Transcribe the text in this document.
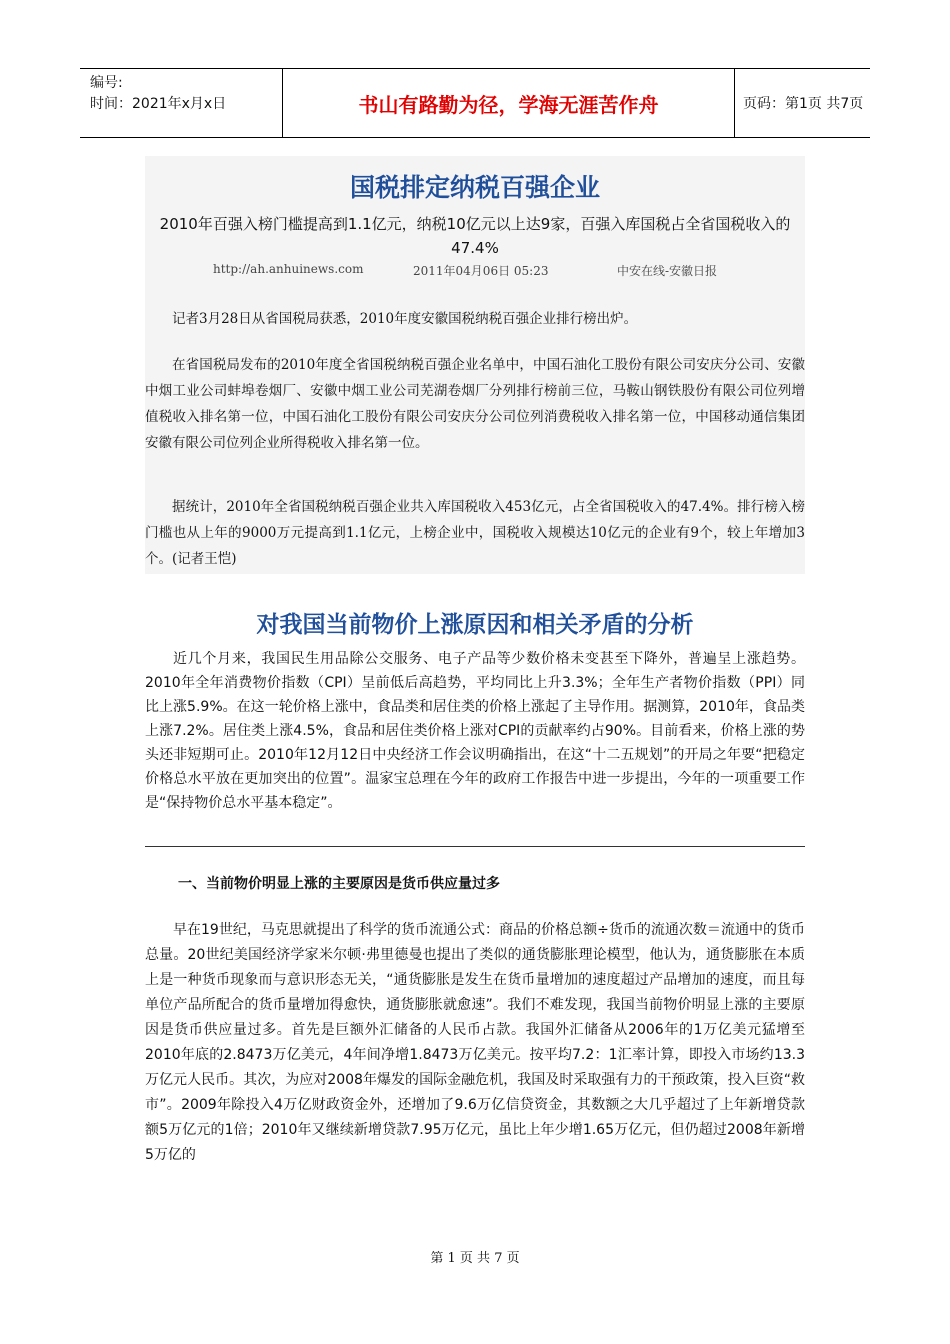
编号:
时间：2021年x月x日	书山有路勤为径，学海无涯苦作舟	页码：第1页 共7页
国税排定纳税百强企业
2010年百强入榜门槛提高到1.1亿元，纳税10亿元以上达9家，百强入库国税占全省国税收入的47.4%
http://ah.anhuinews.com	2011年04月06日 05:23	中安在线-安徽日报

记者3月28日从省国税局获悉，2010年度安徽国税纳税百强企业排行榜出炉。

在省国税局发布的2010年度全省国税纳税百强企业名单中，中国石油化工股份有限公司安庆分公司、安徽中烟工业公司蚌埠卷烟厂、安徽中烟工业公司芜湖卷烟厂分列排行榜前三位，马鞍山钢铁股份有限公司位列增值税收入排名第一位，中国石油化工股份有限公司安庆分公司位列消费税收入排名第一位，中国移动通信集团安徽有限公司位列企业所得税收入排名第一位。

据统计，2010年全省国税纳税百强企业共入库国税收入453亿元，占全省国税收入的47.4%。排行榜入榜门槛也从上年的9000万元提高到1.1亿元，上榜企业中，国税收入规模达10亿元的企业有9个，较上年增加3个。(记者王恺)

对我国当前物价上涨原因和相关矛盾的分析

近几个月来，我国民生用品除公交服务、电子产品等少数价格未变甚至下降外，普遍呈上涨趋势。2010年全年消费物价指数（CPI）呈前低后高趋势，平均同比上升3.3%；全年生产者物价指数（PPI）同比上涨5.9%。在这一轮价格上涨中，食品类和居住类的价格上涨起了主导作用。据测算，2010年，食品类上涨7.2%。居住类上涨4.5%，食品和居住类价格上涨对CPI的贡献率约占90%。目前看来，价格上涨的势头还非短期可止。2010年12月12日中央经济工作会议明确指出，在这“十二五规划”的开局之年要“把稳定价格总水平放在更加突出的位置”。温家宝总理在今年的政府工作报告中进一步提出，今年的一项重要工作是“保持物价总水平基本稳定”。

一、当前物价明显上涨的主要原因是货币供应量过多

早在19世纪，马克思就提出了科学的货币流通公式：商品的价格总额÷货币的流通次数＝流通中的货币总量。20世纪美国经济学家米尔顿·弗里德曼也提出了类似的通货膨胀理论模型，他认为，通货膨胀在本质上是一种货币现象而与意识形态无关，“通货膨胀是发生在货币量增加的速度超过产品增加的速度，而且每单位产品所配合的货币量增加得愈快，通货膨胀就愈速”。我们不难发现，我国当前物价明显上涨的主要原因是货币供应量过多。首先是巨额外汇储备的人民币占款。我国外汇储备从2006年的1万亿美元猛增至2010年底的2.8473万亿美元，4年间净增1.8473万亿美元。按平均7.2：1汇率计算，即投入市场约13.3万亿元人民币。其次，为应对2008年爆发的国际金融危机，我国及时采取强有力的干预政策，投入巨资“救市”。2009年除投入4万亿财政资金外，还增加了9.6万亿信贷资金，其数额之大几乎超过了上年新增贷款额5万亿元的1倍；2010年又继续新增贷款7.95万亿元，虽比上年少增1.65万亿元，但仍超过2008年新增5万亿的

第 1 页 共 7 页
